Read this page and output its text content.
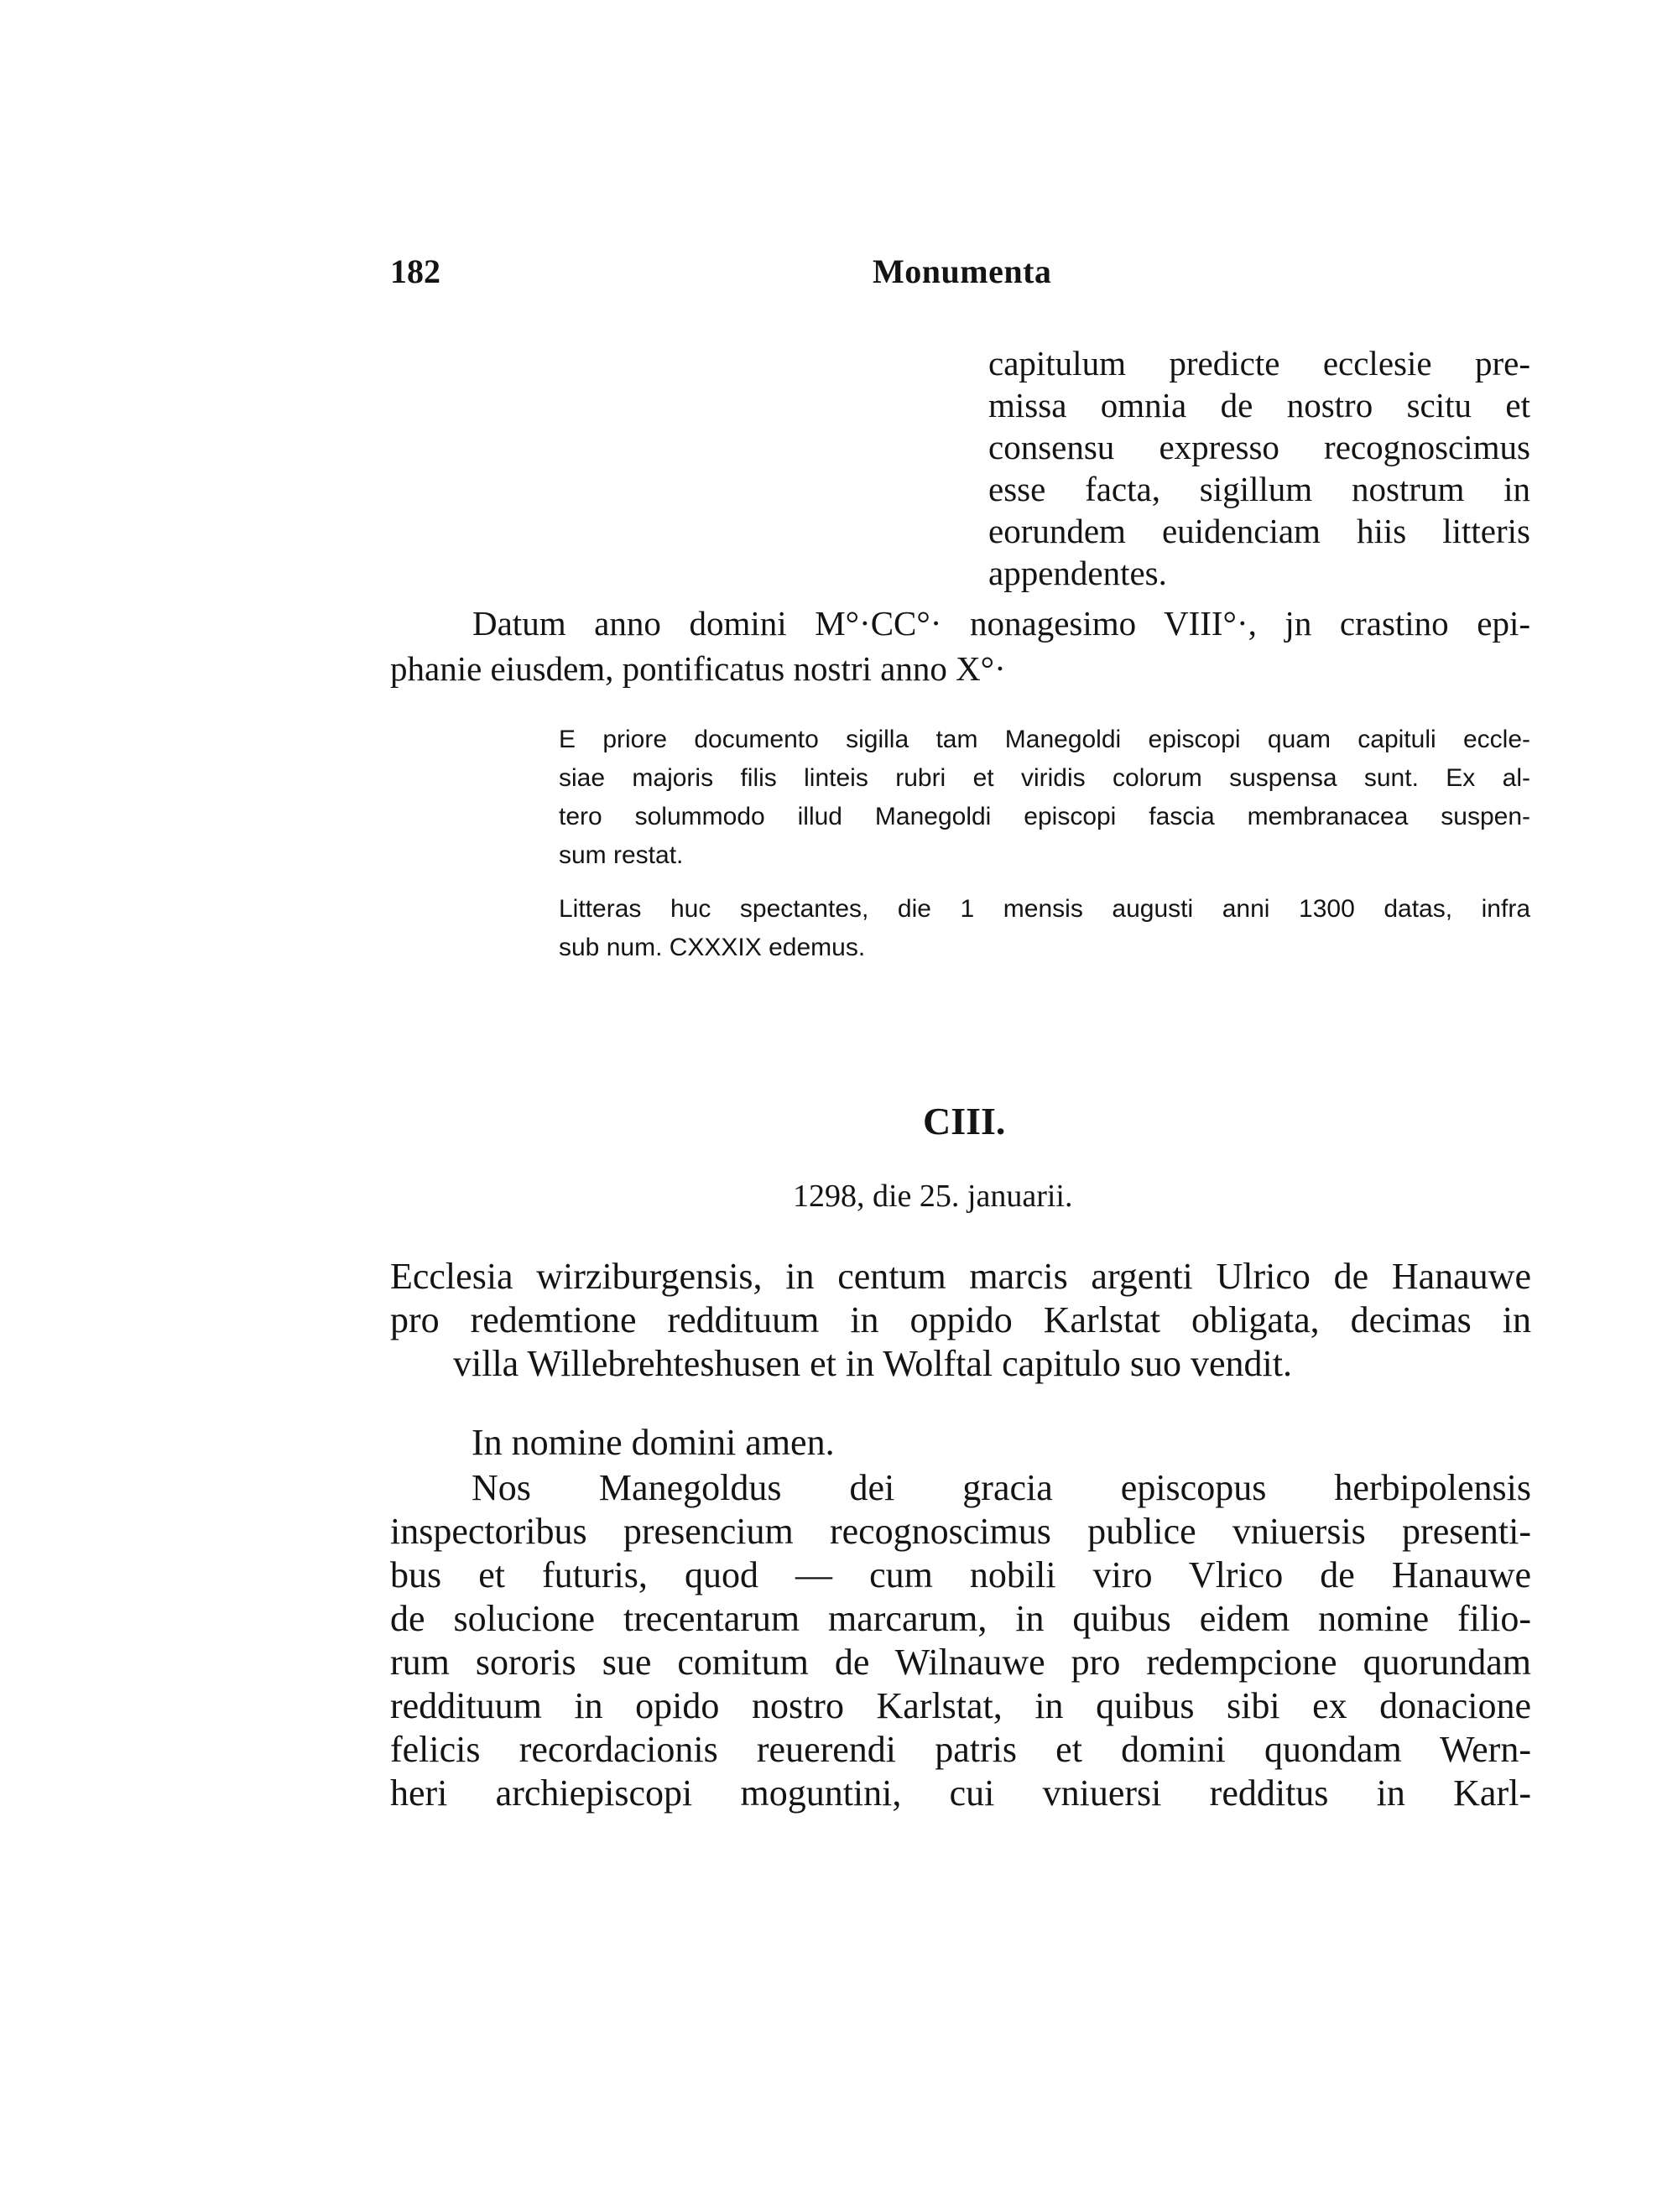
182	Monumenta
capitulum predicte ecclesie pre-
missa omnia de nostro scitu et
consensu expresso recognoscimus
esse facta, sigillum nostrum in
eorundem euidenciam hiis litteris
appendentes.
Datum anno domini M°·CC°· nonagesimo VIII°·, jn crastino epi-
phanie eiusdem, pontificatus nostri anno X°·
E priore documento sigilla tam Manegoldi episcopi quam capituli eccle-
siae majoris filis linteis rubri et viridis colorum suspensa sunt. Ex al-
tero solummodo illud Manegoldi episcopi fascia membranacea suspen-
sum restat.
Litteras huc spectantes, die 1 mensis augusti anni 1300 datas, infra
sub num. CXXXIX edemus.
CIII.
1298, die 25. januarii.
Ecclesia wirziburgensis, in centum marcis argenti Ulrico de Hanauwe
pro redemtione reddituum in oppido Karlstat obligata, decimas in
villa Willebrehteshusen et in Wolftal capitulo suo vendit.
In nomine domini amen.
Nos Manegoldus dei gracia episcopus herbipolensis
inspectoribus presencium recognoscimus publice vniuersis presenti-
bus et futuris, quod — cum nobili viro Vlrico de Hanauwe
de solucione trecentarum marcarum, in quibus eidem nomine filio-
rum sororis sue comitum de Wilnauwe pro redempcione quorundam
reddituum in opido nostro Karlstat, in quibus sibi ex donacione
felicis recordacionis reuerendi patris et domini quondam Wern-
heri archiepiscopi moguntini, cui vniuersi redditus in Karl-
